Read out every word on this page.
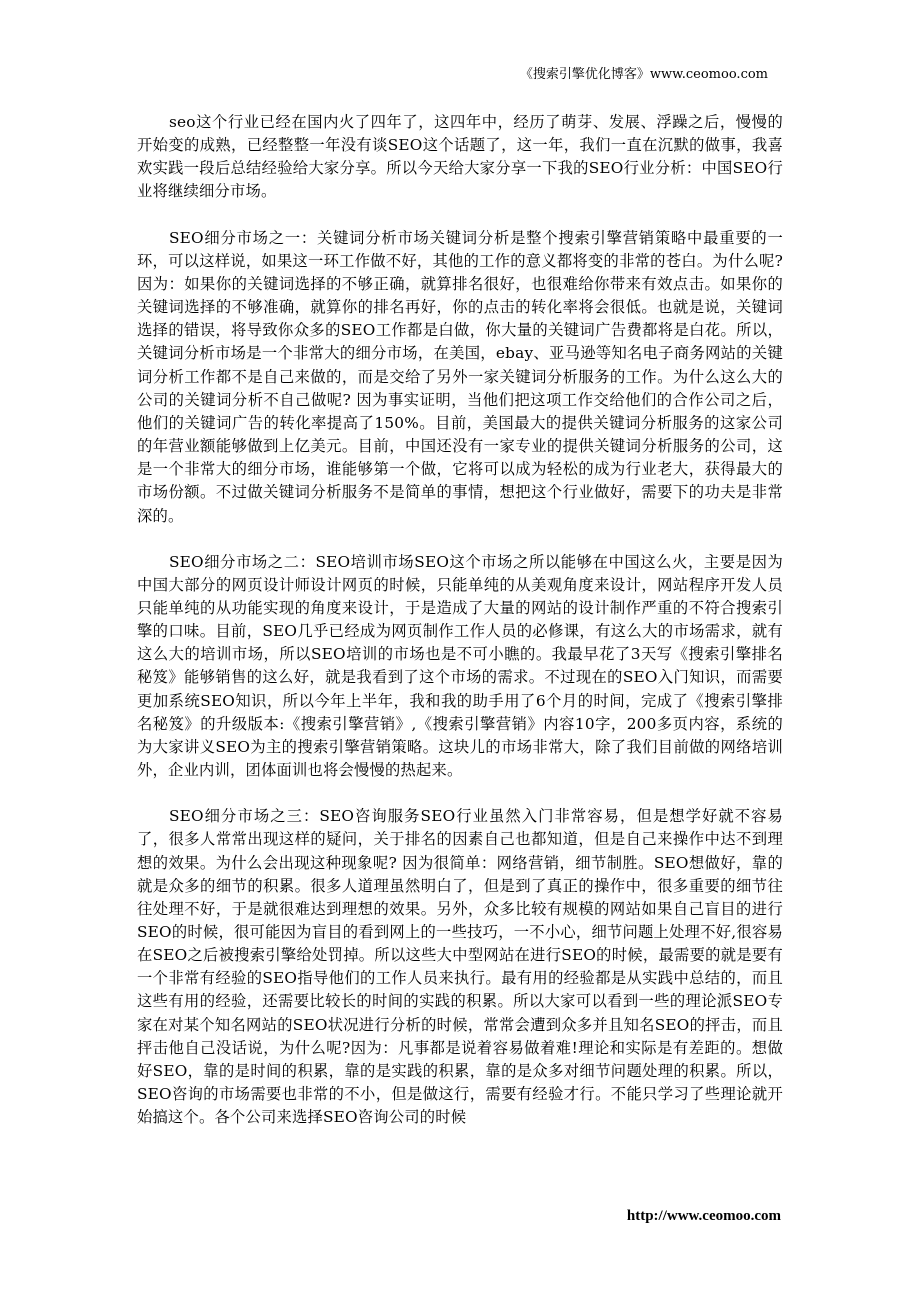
《搜索引擎优化博客》www.ceomoo.com

seo这个行业已经在国内火了四年了，这四年中，经历了萌芽、发展、浮躁之后，慢慢的开始变的成熟，已经整整一年没有谈SEO这个话题了，这一年，我们一直在沉默的做事，我喜欢实践一段后总结经验给大家分享。所以今天给大家分享一下我的SEO行业分析：中国SEO行业将继续细分市场。

SEO细分市场之一：关键词分析市场关键词分析是整个搜索引擎营销策略中最重要的一环，可以这样说，如果这一环工作做不好，其他的工作的意义都将变的非常的苍白。为什么呢?因为：如果你的关键词选择的不够正确，就算排名很好，也很难给你带来有效点击。如果你的关键词选择的不够准确，就算你的排名再好，你的点击的转化率将会很低。也就是说，关键词选择的错误，将导致你众多的SEO工作都是白做，你大量的关键词广告费都将是白花。所以，关键词分析市场是一个非常大的细分市场，在美国，ebay、亚马逊等知名电子商务网站的关键词分析工作都不是自己来做的，而是交给了另外一家关键词分析服务的工作。为什么这么大的公司的关键词分析不自己做呢? 因为事实证明，当他们把这项工作交给他们的合作公司之后，他们的关键词广告的转化率提高了150%。目前，美国最大的提供关键词分析服务的这家公司的年营业额能够做到上亿美元。目前，中国还没有一家专业的提供关键词分析服务的公司，这是一个非常大的细分市场，谁能够第一个做，它将可以成为轻松的成为行业老大，获得最大的市场份额。不过做关键词分析服务不是简单的事情，想把这个行业做好，需要下的功夫是非常深的。

SEO细分市场之二：SEO培训市场SEO这个市场之所以能够在中国这么火，主要是因为中国大部分的网页设计师设计网页的时候，只能单纯的从美观角度来设计，网站程序开发人员只能单纯的从功能实现的角度来设计，于是造成了大量的网站的设计制作严重的不符合搜索引擎的口味。目前，SEO几乎已经成为网页制作工作人员的必修课，有这么大的市场需求，就有这么大的培训市场，所以SEO培训的市场也是不可小瞧的。我最早花了3天写《搜索引擎排名秘笈》能够销售的这么好，就是我看到了这个市场的需求。不过现在的SEO入门知识，而需要更加系统SEO知识，所以今年上半年，我和我的助手用了6个月的时间，完成了《搜索引擎排名秘笈》的升级版本:《搜索引擎营销》,《搜索引擎营销》内容10字，200多页内容，系统的为大家讲义SEO为主的搜索引擎营销策略。这块儿的市场非常大，除了我们目前做的网络培训外，企业内训，团体面训也将会慢慢的热起来。

SEO细分市场之三：SEO咨询服务SEO行业虽然入门非常容易，但是想学好就不容易了，很多人常常出现这样的疑问，关于排名的因素自己也都知道，但是自己来操作中达不到理想的效果。为什么会出现这种现象呢? 因为很简单：网络营销，细节制胜。SEO想做好，靠的就是众多的细节的积累。很多人道理虽然明白了，但是到了真正的操作中，很多重要的细节往往处理不好，于是就很难达到理想的效果。另外，众多比较有规模的网站如果自己盲目的进行SEO的时候，很可能因为盲目的看到网上的一些技巧，一不小心，细节问题上处理不好,很容易在SEO之后被搜索引擎给处罚掉。所以这些大中型网站在进行SEO的时候，最需要的就是要有一个非常有经验的SEO指导他们的工作人员来执行。最有用的经验都是从实践中总结的，而且这些有用的经验，还需要比较长的时间的实践的积累。所以大家可以看到一些的理论派SEO专家在对某个知名网站的SEO状况进行分析的时候，常常会遭到众多并且知名SEO的抨击，而且抨击他自己没话说，为什么呢?因为：凡事都是说着容易做着难!理论和实际是有差距的。想做好SEO，靠的是时间的积累，靠的是实践的积累，靠的是众多对细节问题处理的积累。所以，SEO咨询的市场需要也非常的不小，但是做这行，需要有经验才行。不能只学习了些理论就开始搞这个。各个公司来选择SEO咨询公司的时候

http://www.ceomoo.com
